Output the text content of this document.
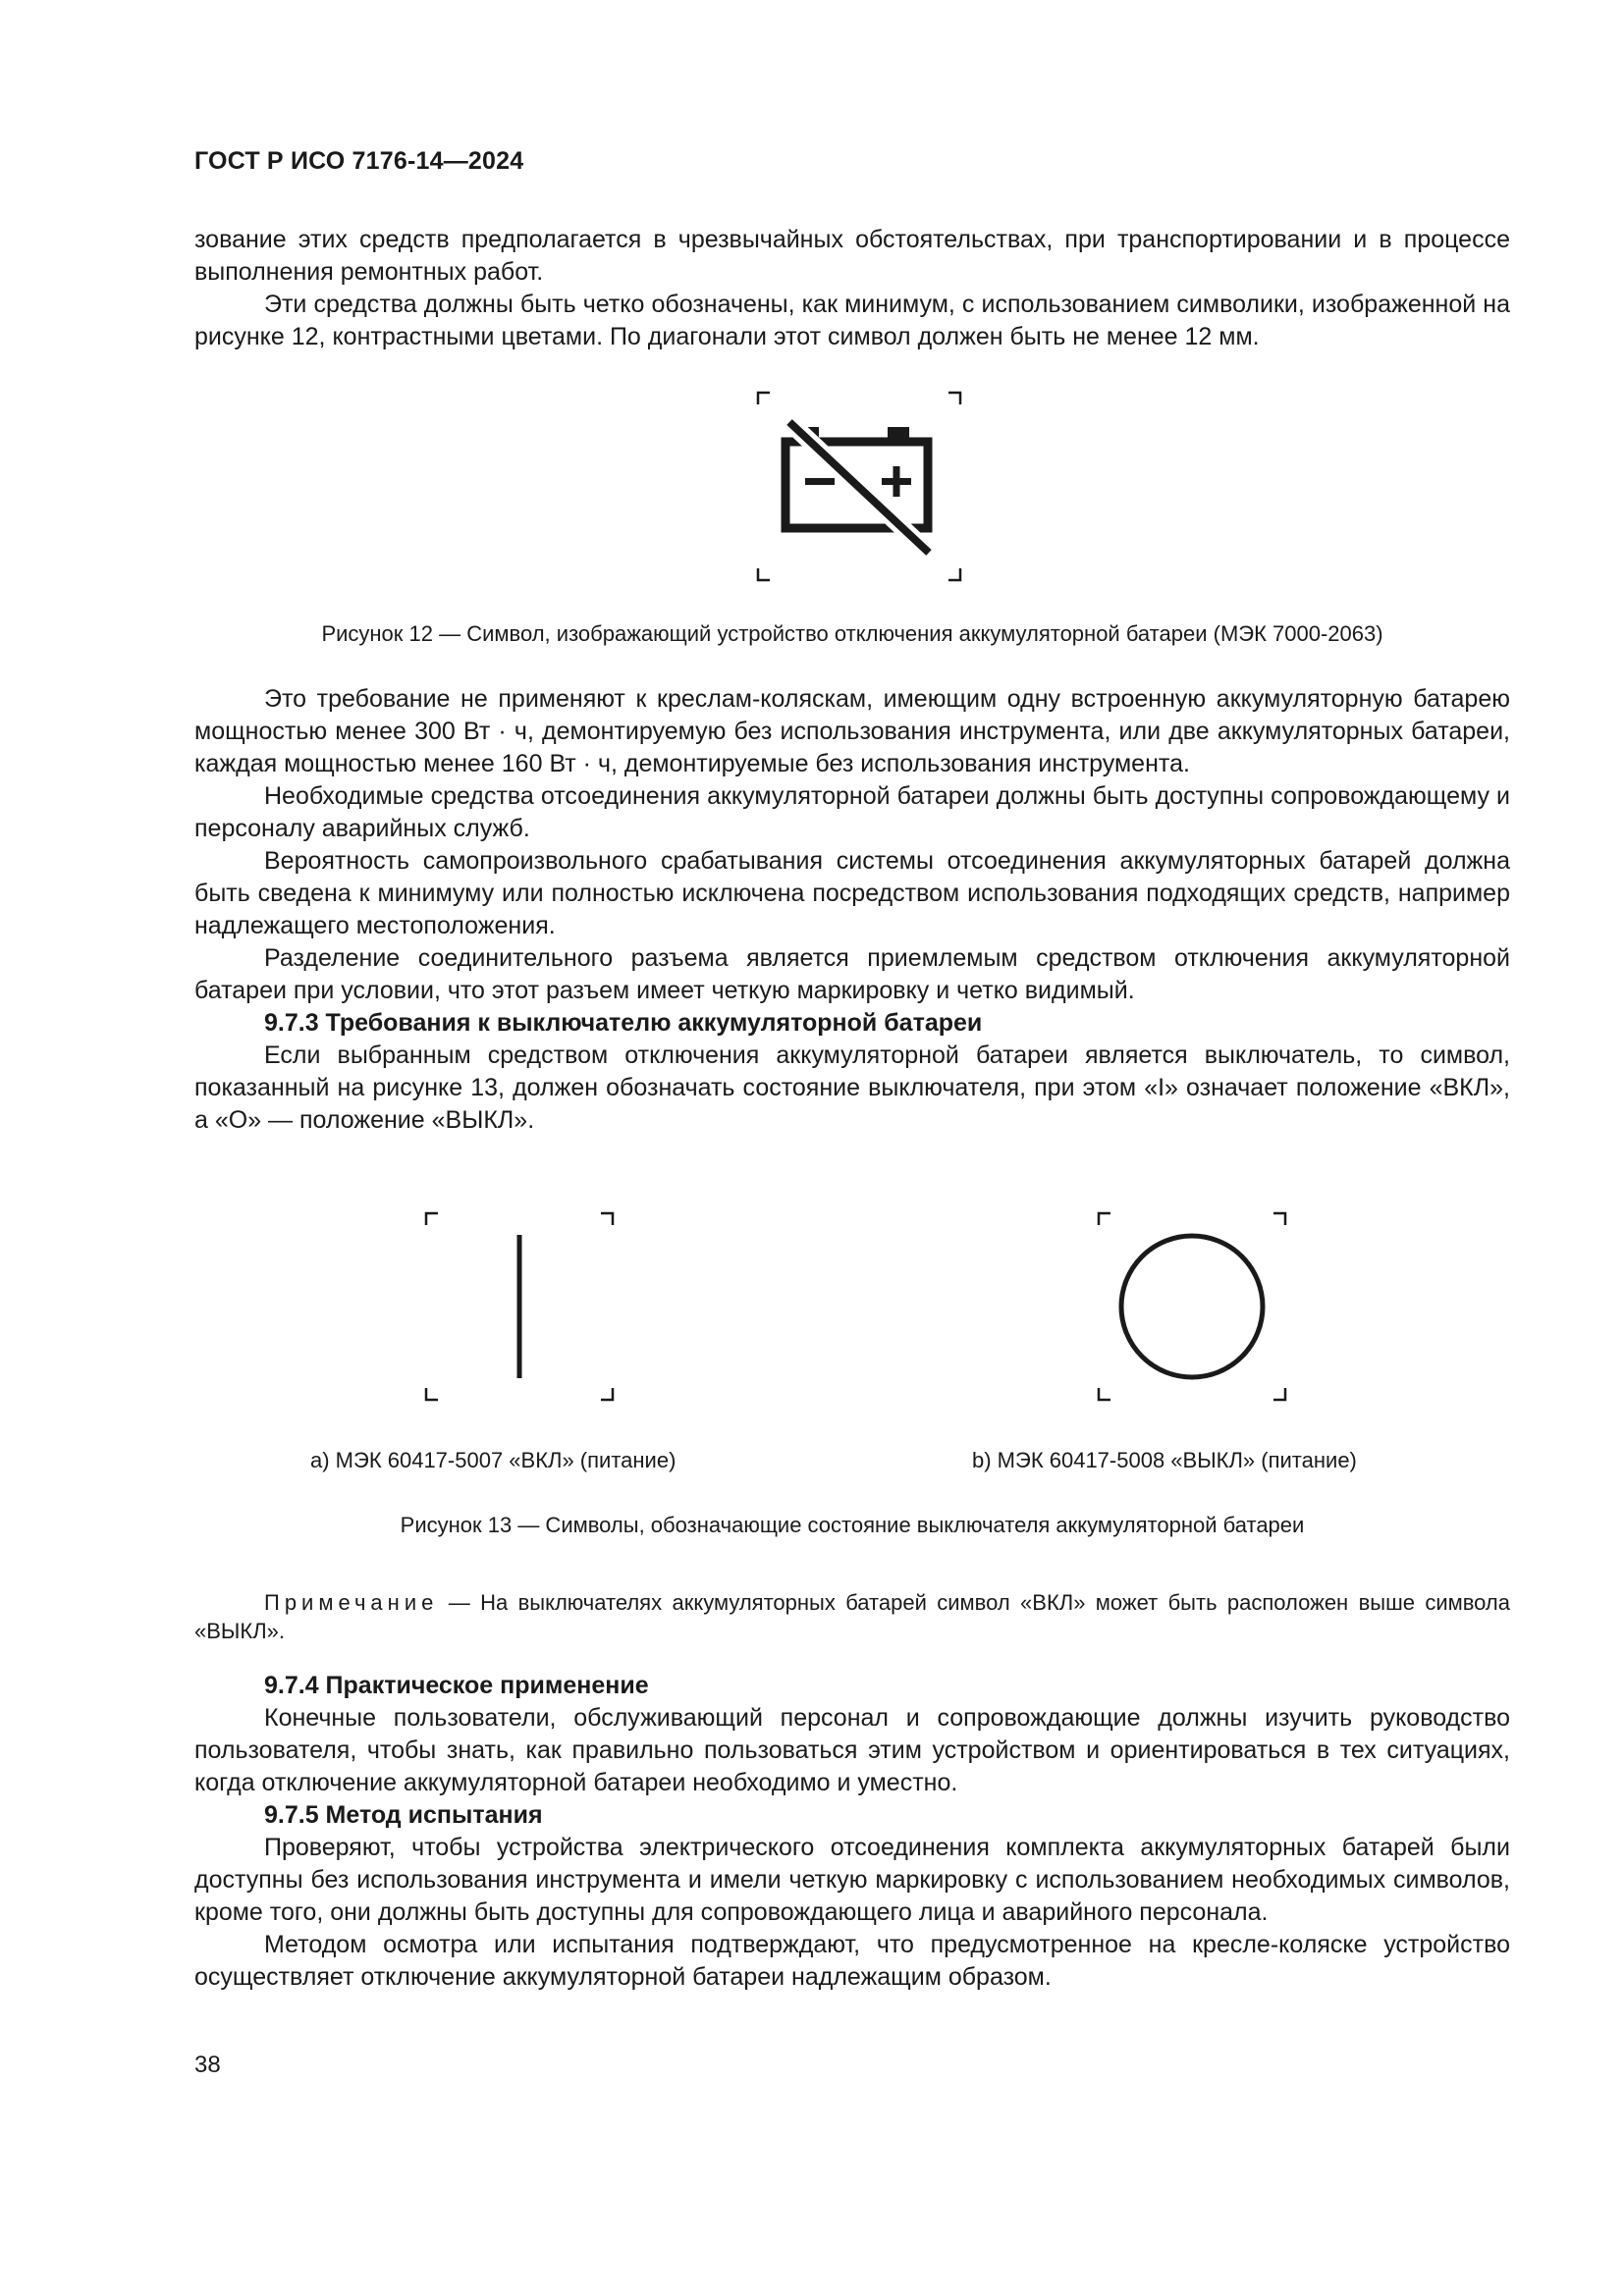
ГОСТ Р ИСО 7176-14—2024

зование этих средств предполагается в чрезвычайных обстоятельствах, при транспортировании и в процессе выполнения ремонтных работ.

Эти средства должны быть четко обозначены, как минимум, с использованием символики, изображенной на рисунке 12, контрастными цветами. По диагонали этот символ должен быть не менее 12 мм.

Рисунок 12 — Символ, изображающий устройство отключения аккумуляторной батареи (МЭК 7000-2063)

Это требование не применяют к креслам-коляскам, имеющим одну встроенную аккумуляторную батарею мощностью менее 300 Вт · ч, демонтируемую без использования инструмента, или две аккумуляторных батареи, каждая мощностью менее 160 Вт · ч, демонтируемые без использования инструмента.

Необходимые средства отсоединения аккумуляторной батареи должны быть доступны сопровождающему и персоналу аварийных служб.

Вероятность самопроизвольного срабатывания системы отсоединения аккумуляторных батарей должна быть сведена к минимуму или полностью исключена посредством использования подходящих средств, например надлежащего местоположения.

Разделение соединительного разъема является приемлемым средством отключения аккумуляторной батареи при условии, что этот разъем имеет четкую маркировку и четко видимый.

9.7.3 Требования к выключателю аккумуляторной батареи

Если выбранным средством отключения аккумуляторной батареи является выключатель, то символ, показанный на рисунке 13, должен обозначать состояние выключателя, при этом «I» означает положение «ВКЛ», а «О» — положение «ВЫКЛ».

a) МЭК 60417-5007 «ВКЛ» (питание)	b) МЭК 60417-5008 «ВЫКЛ» (питание)
Рисунок 13 — Символы, обозначающие состояние выключателя аккумуляторной батареи
Примечание — На выключателях аккумуляторных батарей символ «ВКЛ» может быть расположен выше символа «ВЫКЛ».
9.7.4 Практическое применение

Конечные пользователи, обслуживающий персонал и сопровождающие должны изучить руководство пользователя, чтобы знать, как правильно пользоваться этим устройством и ориентироваться в тех ситуациях, когда отключение аккумуляторной батареи необходимо и уместно.

9.7.5 Метод испытания

Проверяют, чтобы устройства электрического отсоединения комплекта аккумуляторных батарей были доступны без использования инструмента и имели четкую маркировку с использованием необходимых символов, кроме того, они должны быть доступны для сопровождающего лица и аварийного персонала.

Методом осмотра или испытания подтверждают, что предусмотренное на кресле-коляске устройство осуществляет отключение аккумуляторной батареи надлежащим образом.

38
